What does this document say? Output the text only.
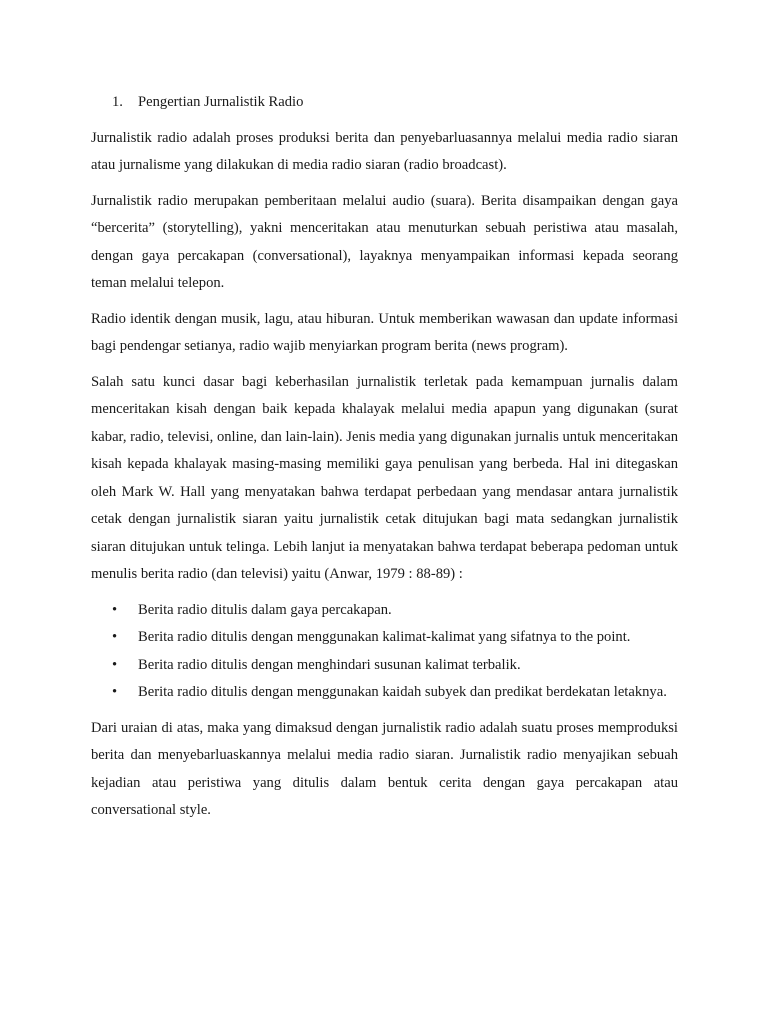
1.	Pengertian Jurnalistik Radio

Jurnalistik radio adalah proses produksi berita dan penyebarluasannya melalui media radio siaran atau jurnalisme yang dilakukan di media radio siaran (radio broadcast).

Jurnalistik radio merupakan pemberitaan melalui audio (suara). Berita disampaikan dengan gaya “bercerita” (storytelling), yakni menceritakan atau menuturkan sebuah peristiwa atau masalah, dengan gaya percakapan (conversational), layaknya menyampaikan informasi kepada seorang teman melalui telepon.

Radio identik dengan musik, lagu, atau hiburan. Untuk memberikan wawasan dan update informasi bagi pendengar setianya, radio wajib menyiarkan program berita (news program).

Salah satu kunci dasar bagi keberhasilan jurnalistik terletak pada kemampuan jurnalis dalam menceritakan kisah dengan baik kepada khalayak melalui media apapun yang digunakan (surat kabar, radio, televisi, online, dan lain-lain). Jenis media yang digunakan jurnalis untuk menceritakan kisah kepada khalayak masing-masing memiliki gaya penulisan yang berbeda. Hal ini ditegaskan oleh Mark W. Hall yang menyatakan bahwa terdapat perbedaan yang mendasar antara jurnalistik cetak dengan jurnalistik siaran yaitu jurnalistik cetak ditujukan bagi mata sedangkan jurnalistik siaran ditujukan untuk telinga. Lebih lanjut ia menyatakan bahwa terdapat beberapa pedoman untuk menulis berita radio (dan televisi) yaitu (Anwar, 1979 : 88-89) :

•	Berita radio ditulis dalam gaya percakapan.
•	Berita radio ditulis dengan menggunakan kalimat-kalimat yang sifatnya to the point.
•	Berita radio ditulis dengan menghindari susunan kalimat terbalik.
•	Berita radio ditulis dengan menggunakan kaidah subyek dan predikat berdekatan letaknya.

Dari uraian di atas, maka yang dimaksud dengan jurnalistik radio adalah suatu proses memproduksi berita dan menyebarluaskannya melalui media radio siaran. Jurnalistik radio menyajikan sebuah kejadian atau peristiwa yang ditulis dalam bentuk cerita dengan gaya percakapan atau conversational style.
